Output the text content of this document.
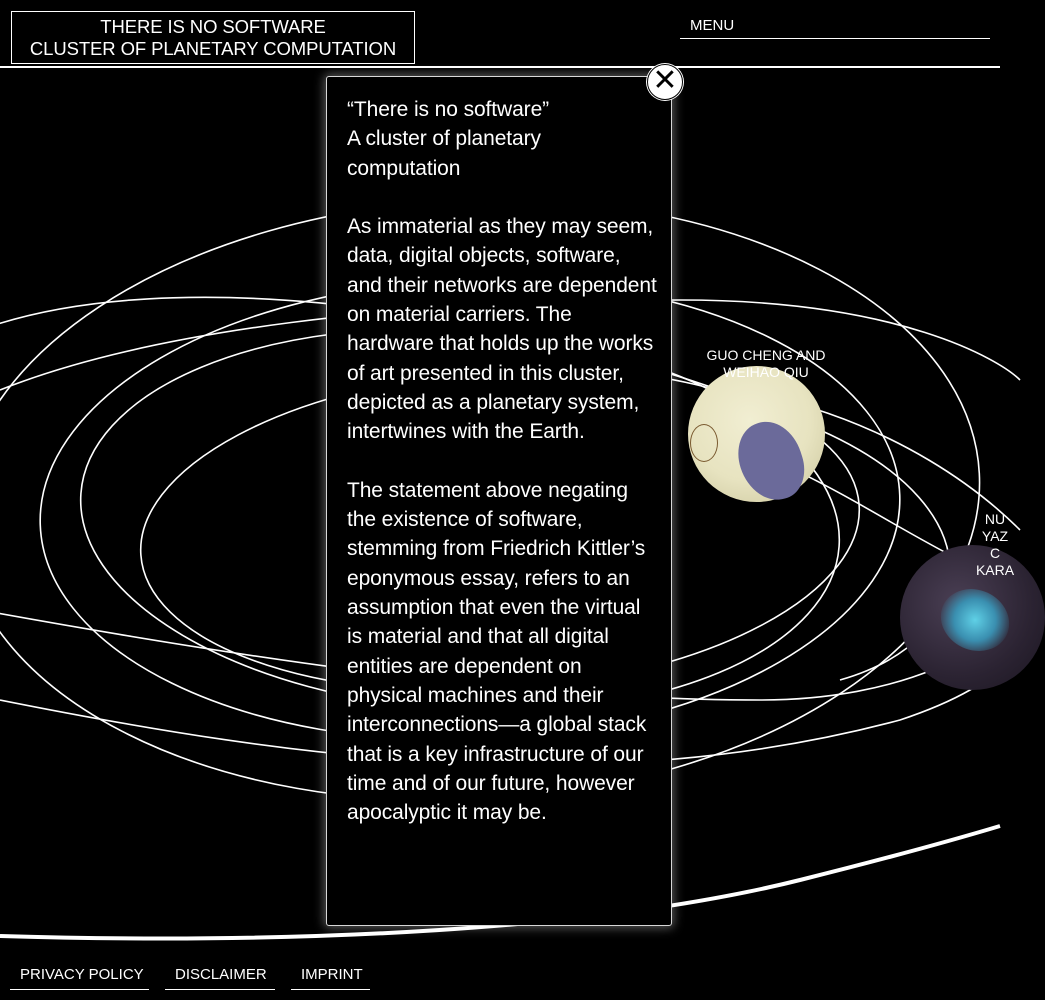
GUO CHENG AND
WEIHAO QIU
NU
YAZ
C
KARA
THERE IS NO SOFTWARE
CLUSTER OF PLANETARY COMPUTATION
MENU

“There is no software”
A cluster of planetary
computation

As immaterial as they may seem, data, digital objects, software, and their networks are dependent on material carriers. The hardware that holds up the works of art presented in this cluster, depicted as a planetary system, intertwines with the Earth.

The statement above negating the existence of software, stemming from Friedrich Kittler’s eponymous essay, refers to an assumption that even the virtual is material and that all digital entities are dependent on physical machines and their interconnections—a global stack that is a key infrastructure of our time and of our future, however apocalyptic it may be.

✕
PRIVACY POLICY	DISCLAIMER	IMPRINT
